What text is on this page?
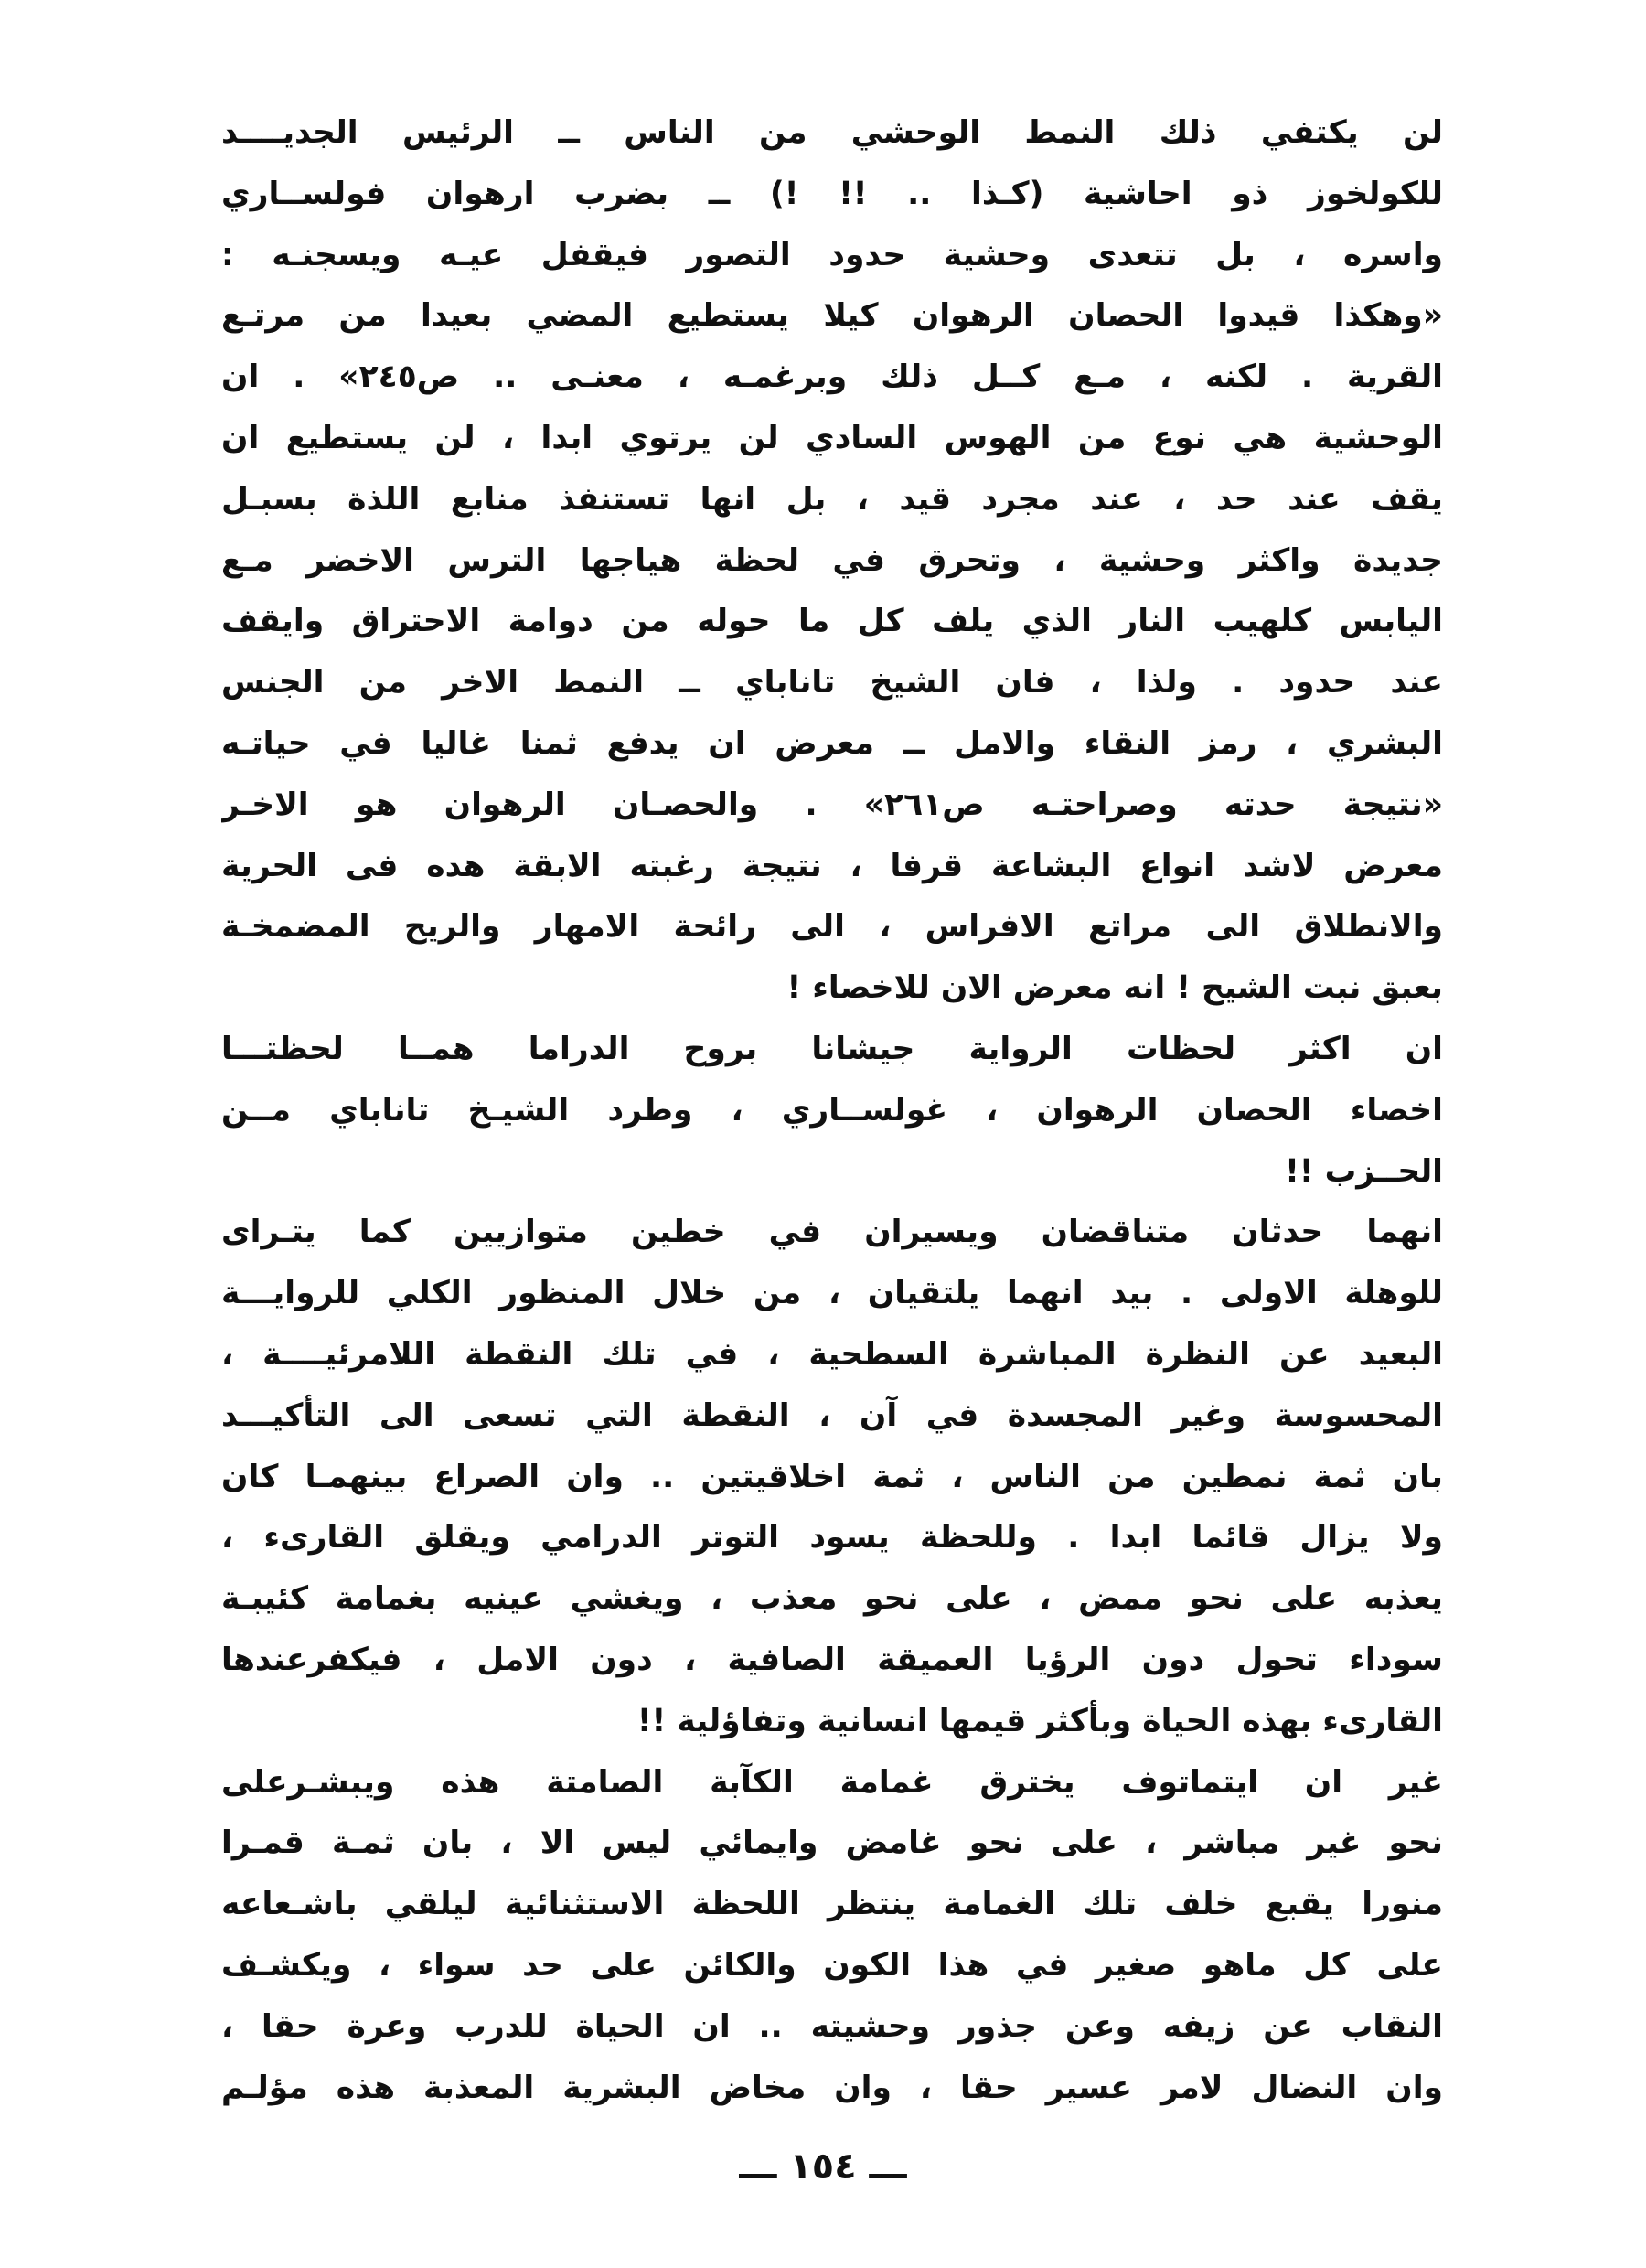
لن يكتفي ذلك النمط الوحشي من الناس ــ الرئيس الجديــــد
للكولخوز ذو احاشية (كـذا .. !! !) ــ بضرب ارهوان فولســاري
واسره ، بل تتعدى وحشية حدود التصور فيقفل عيـه ويسجنـه :
«وهكذا قيدوا الحصان الرهوان كيلا يستطيع المضي بعيدا من مرتـع
القرية . لكنه ، مـع كــل ذلك وبرغمـه ، معنـى .. ص٢٤٥» . ان
الوحشية هي نوع من الهوس السادي لن يرتوي ابدا ، لن يستطيع ان
يقف عند حد ، عند مجرد قيد ، بل انها تستنفذ منابع اللذة بسبـل
جديدة واكثر وحشية ، وتحرق في لحظة هياجها الترس الاخضر مـع
اليابس كلهيب النار الذي يلف كل ما حوله من دوامة الاحتراق وايقف
عند حدود . ولذا ، فان الشيخ تاناباي ــ النمط الاخر من الجنس
البشري ، رمز النقاء والامل ــ معرض ان يدفع ثمنا غاليا في حياتـه
«نتيجة حدته وصراحتـه ص٢٦١» . والحصـان الرهوان هو الاخـر
معرض لاشد انواع البشاعة قرفا ، نتيجة رغبته الابقة هده فى الحرية
والانطلاق الى مراتع الافراس ، الى رائحة الامهار والريح المضمخـة
بعبق نبت الشيح ! انه معرض الان للاخصاء !
ان اكثر لحظات الرواية جيشانا بروح الدراما همــا لحظتـــا
اخصاء الحصان الرهوان ، غولســاري ، وطرد الشيـخ تاناباي مــن
الحــزب !!
انهما حدثان متناقضان ويسيران في خطين متوازيين كما يتـراى
للوهلة الاولى . بيد انهما يلتقيان ، من خلال المنظور الكلي للروايـــة
البعيد عن النظرة المباشرة السطحية ، في تلك النقطة اللامرئيــــة ،
المحسوسة وغير المجسدة في آن ، النقطة التي تسعى الى التأكيـــد
بان ثمة نمطين من الناس ، ثمة اخلاقيتين .. وان الصراع بينهمـا كان
ولا يزال قائما ابدا . وللحظة يسود التوتر الدرامي ويقلق القارىء ،
يعذبه على نحو ممض ، على نحو معذب ، ويغشي عينيه بغمامة كئيبـة
سوداء تحول دون الرؤيا العميقة الصافية ، دون الامل ، فيكفرعندها
القارىء بهذه الحياة وبأكثر قيمها انسانية وتفاؤلية !!
غير ان ايتماتوف يخترق غمامة الكآبة الصامتة هذه ويبشـرعلى
نحو غير مباشر ، على نحو غامض وايمائي ليس الا ، بان ثمـة قمـرا
منورا يقبع خلف تلك الغمامة ينتظر اللحظة الاستثنائية ليلقي باشـعاعه
على كل ماهو صغير في هذا الكون والكائن على حد سواء ، ويكشـف
النقاب عن زيفه وعن جذور وحشيته .. ان الحياة للدرب وعرة حقا ،
وان النضال لامر عسير حقا ، وان مخاض البشرية المعذبة هذه مؤلـم
ـــ ١٥٤ ـــ
